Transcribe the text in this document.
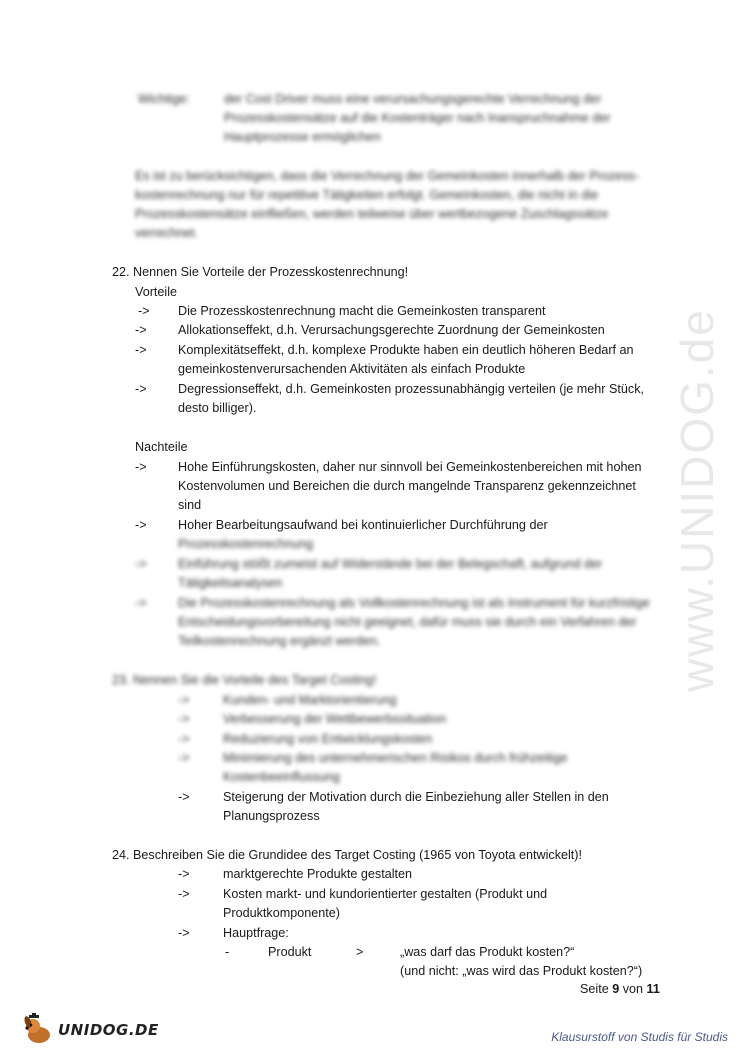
www.UNIDOG.de
Wichtige:	der Cost Driver muss eine verursachungsgerechte Verrechnung der
Prozesskostensätze auf die Kostenträger nach Inanspruchnahme der
Hauptprozesse ermöglichen
Es ist zu berücksichtigen, dass die Verrechnung der Gemeinkosten innerhalb der Prozess-
kostenrechnung nur für repetitive Tätigkeiten erfolgt. Gemeinkosten, die nicht in die
Prozesskostensätze einfließen, werden teilweise über wertbezogene Zuschlagssätze
verrechnet.
22. Nennen Sie Vorteile der Prozesskostenrechnung!
Vorteile
-> Die Prozesskostenrechnung macht die Gemeinkosten transparent
-> Allokationseffekt, d.h. Verursachungsgerechte Zuordnung der Gemeinkosten
-> Komplexitätseffekt, d.h. komplexe Produkte haben ein deutlich höheren Bedarf an
gemeinkostenverursachenden Aktivitäten als einfach Produkte
-> Degressionseffekt, d.h. Gemeinkosten prozessunabhängig verteilen (je mehr Stück,
desto billiger).
Nachteile
-> Hohe Einführungskosten, daher nur sinnvoll bei Gemeinkostenbereichen mit hohen
Kostenvolumen und Bereichen die durch mangelnde Transparenz gekennzeichnet
sind
-> Hoher Bearbeitungsaufwand bei kontinuierlicher Durchführung der
Prozesskostenrechnung
-> Einführung stößt zumeist auf Widerstände bei der Belegschaft, aufgrund der
Tätigkeitsanalysen
-> Die Prozesskostenrechnung als Vollkostenrechnung ist als Instrument für kurzfristige
Entscheidungsvorbereitung nicht geeignet, dafür muss sie durch ein Verfahren der
Teilkostenrechnung ergänzt werden.
23. Nennen Sie die Vorteile des Target Costing!
->	Kunden- und Marktorientierung
->	Verbesserung der Wettbewerbssituation
->	Reduzierung von Entwicklungskosten
->	Minimierung des unternehmerischen Risikos durch frühzeitige
Kostenbeeinflussung
->	Steigerung der Motivation durch die Einbeziehung aller Stellen in den
Planungsprozess
24. Beschreiben Sie die Grundidee des Target Costing (1965 von Toyota entwickelt)!
->	marktgerechte Produkte gestalten
->	Kosten markt- und kundorientierter gestalten (Produkt und
Produktkomponente)
->	Hauptfrage:
-	Produkt	>	„was darf das Produkt kosten?“
(und nicht: „was wird das Produkt kosten?“)
Seite 9 von 11
UNIDOG.DE	Klausurstoff von Studis für Studis
